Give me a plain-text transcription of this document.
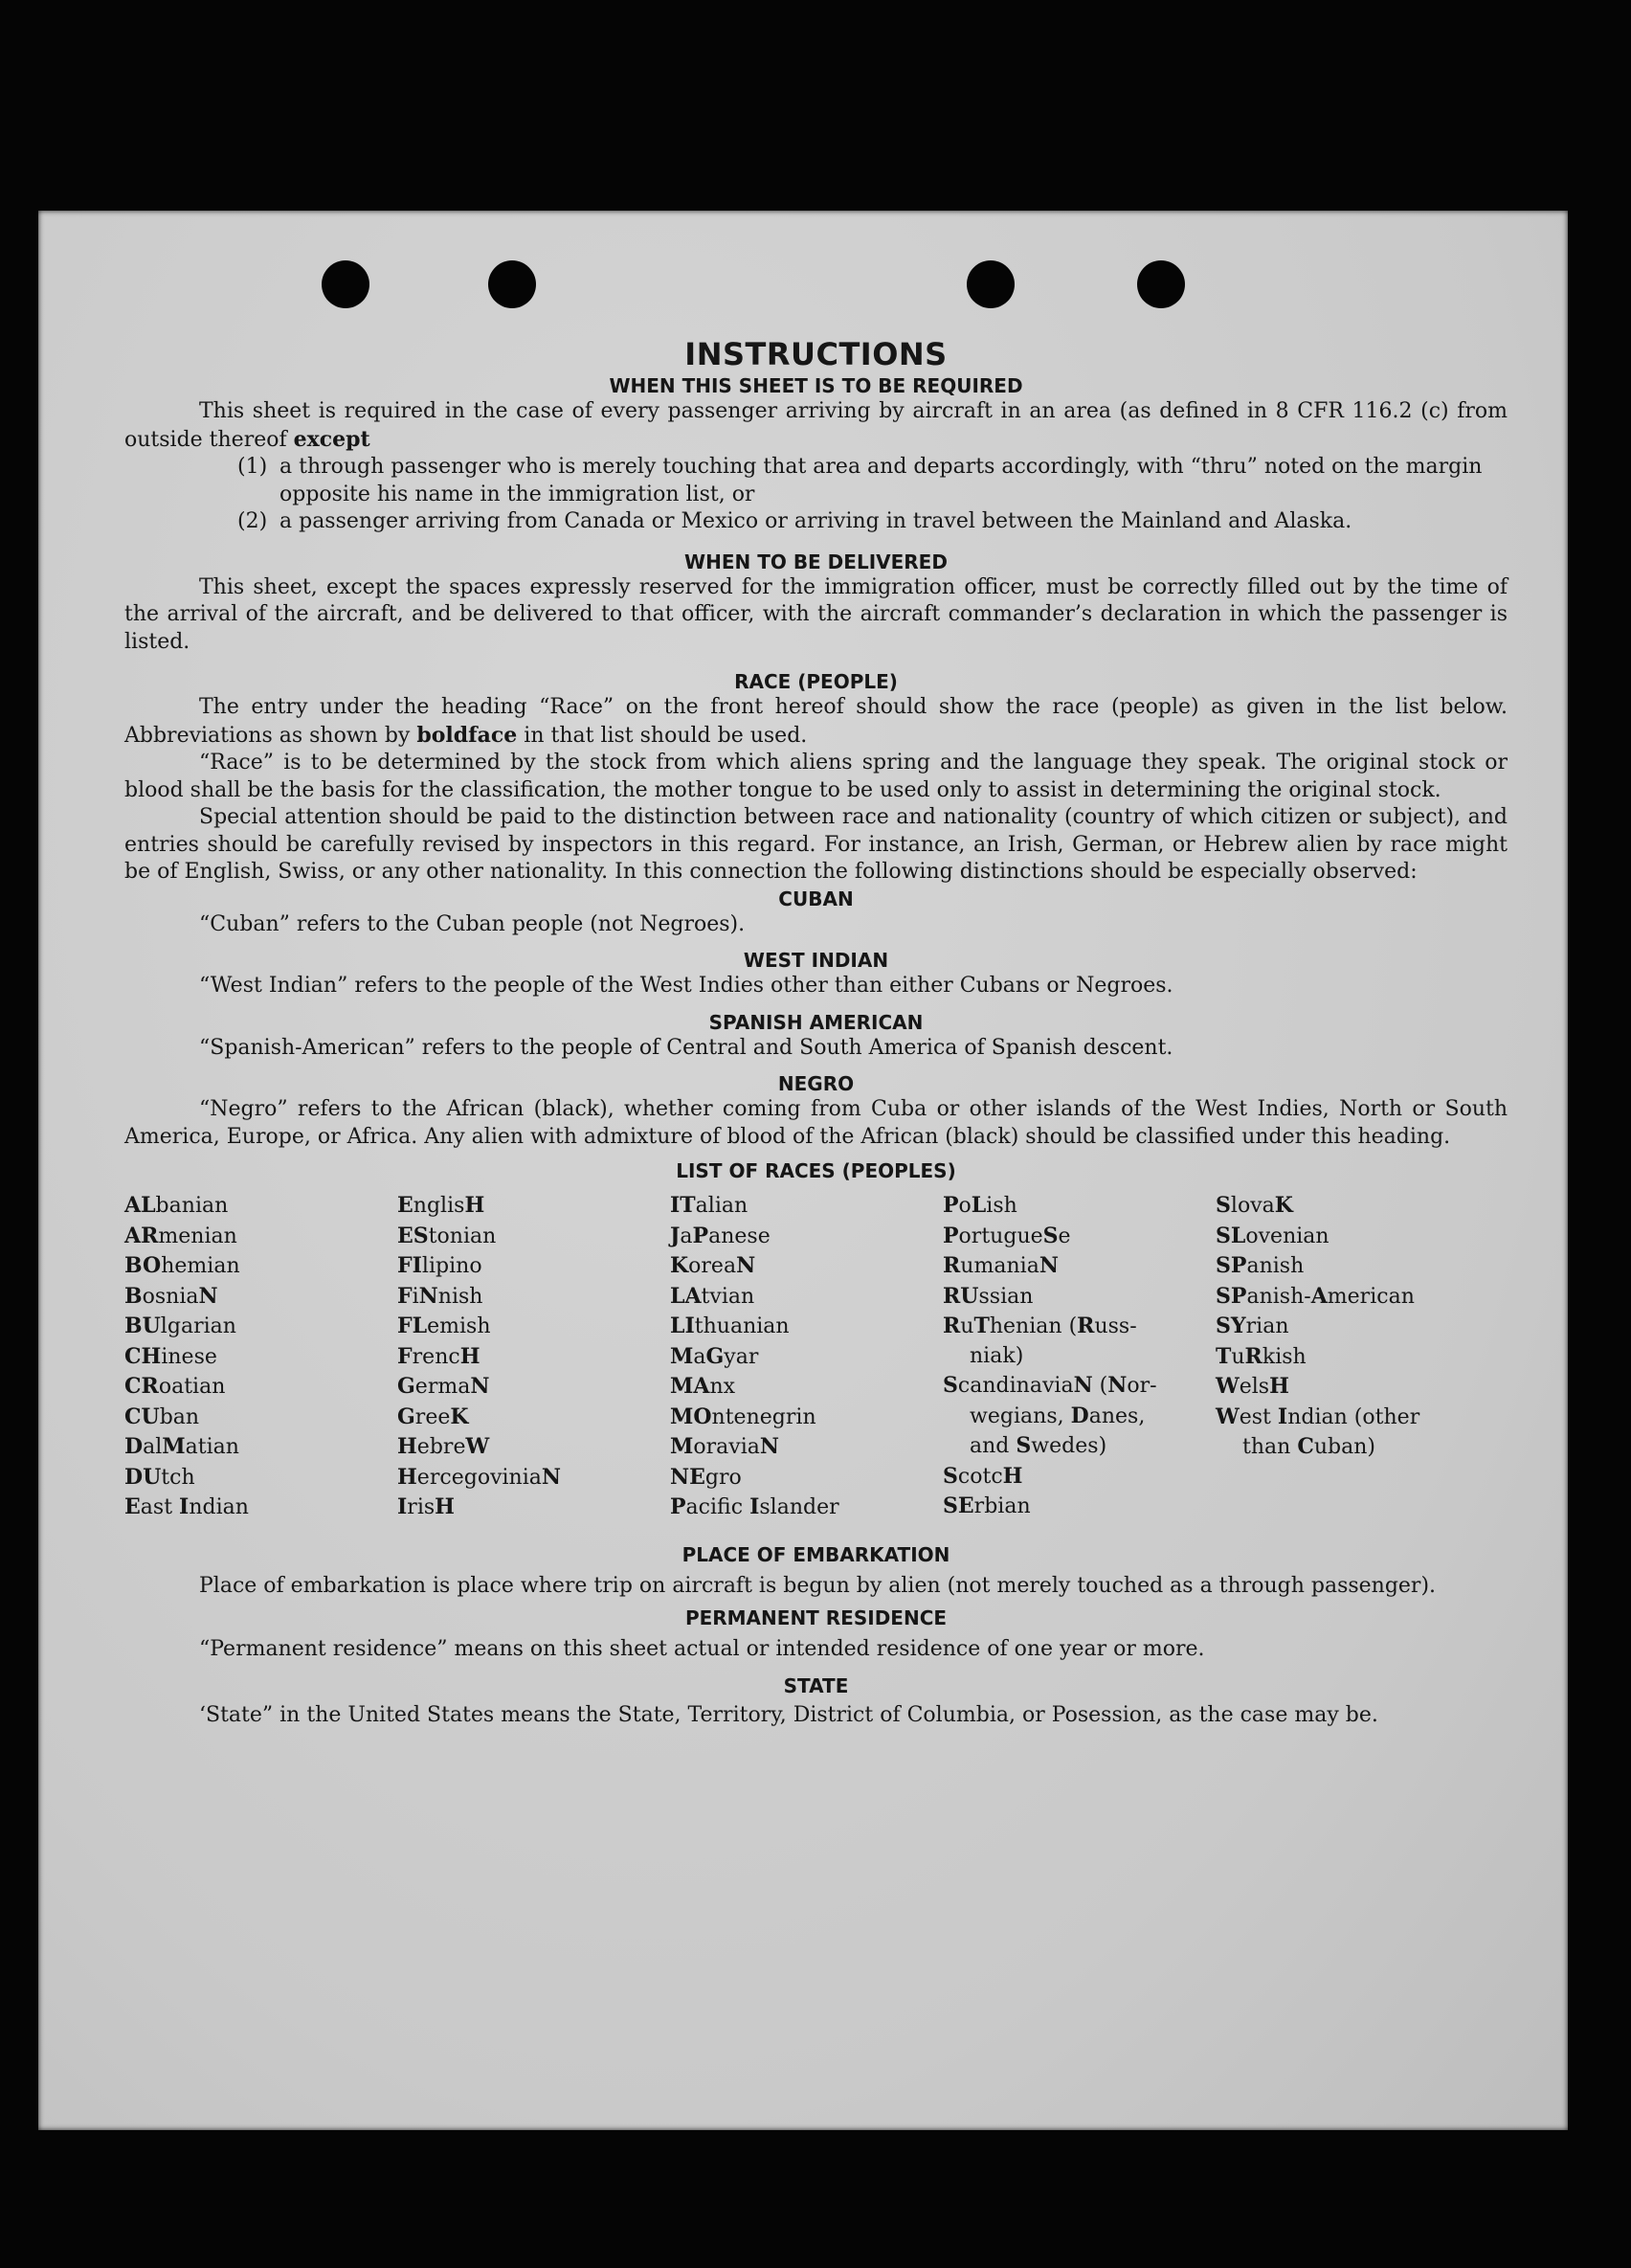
INSTRUCTIONS
WHEN THIS SHEET IS TO BE REQUIRED

This sheet is required in the case of every passenger arriving by aircraft in an area (as defined in 8 CFR 116.2 (c) from outside thereof except

(1) a through passenger who is merely touching that area and departs accordingly, with “thru” noted on the margin opposite his name in the immigration list, or
(2) a passenger arriving from Canada or Mexico or arriving in travel between the Mainland and Alaska.
WHEN TO BE DELIVERED

This sheet, except the spaces expressly reserved for the immigration officer, must be correctly filled out by the time of the arrival of the aircraft, and be delivered to that officer, with the aircraft commander’s declaration in which the passenger is listed.

RACE (PEOPLE)

The entry under the heading “Race” on the front hereof should show the race (people) as given in the list below. Abbreviations as shown by boldface in that list should be used.

“Race” is to be determined by the stock from which aliens spring and the language they speak. The original stock or blood shall be the basis for the classification, the mother tongue to be used only to assist in determining the original stock.

Special attention should be paid to the distinction between race and nationality (country of which citizen or subject), and entries should be carefully revised by inspectors in this regard. For instance, an Irish, German, or Hebrew alien by race might be of English, Swiss, or any other nationality. In this connection the following distinctions should be especially observed:

CUBAN

“Cuban” refers to the Cuban people (not Negroes).

WEST INDIAN

“West Indian” refers to the people of the West Indies other than either Cubans or Negroes.

SPANISH AMERICAN

“Spanish-American” refers to the people of Central and South America of Spanish descent.

NEGRO

“Negro” refers to the African (black), whether coming from Cuba or other islands of the West Indies, North or South America, Europe, or Africa. Any alien with admixture of blood of the African (black) should be classified under this heading.

LIST OF RACES (PEOPLES)
ALbanian
ARmenian
BOhemian
BosniaN
BUlgarian
CHinese
CRoatian
CUban
DalMatian
DUtch
East Indian
EnglisH
EStonian
FIlipino
FiNnish
FLemish
FrencH
GermaN
GreeK
HebreW
HercegoviniaN
IrisH
ITalian
JaPanese
KoreaN
LAtvian
LIthuanian
MaGyar
MAnx
MOntenegrin
MoraviaN
NEgro
Pacifc Islander
PoLish
PortugueSe
RumaniaN
RUssian
RuThenian (Russ-
niak)
ScandinaviaN (Nor-
wegians, Danes,
and Swedes)
ScotcH
SErbian
SlovaK
SLovenian
SPanish
SPanish-American
SYrian
TuRkish
WelsH
West Indian (other
than Cuban)
PLACE OF EMBARKATION

Place of embarkation is place where trip on aircraft is begun by alien (not merely touched as a through passenger).

PERMANENT RESIDENCE

“Permanent residence” means on this sheet actual or intended residence of one year or more.

STATE

‘State” in the United States means the State, Territory, District of Columbia, or Posession, as the case may be.
